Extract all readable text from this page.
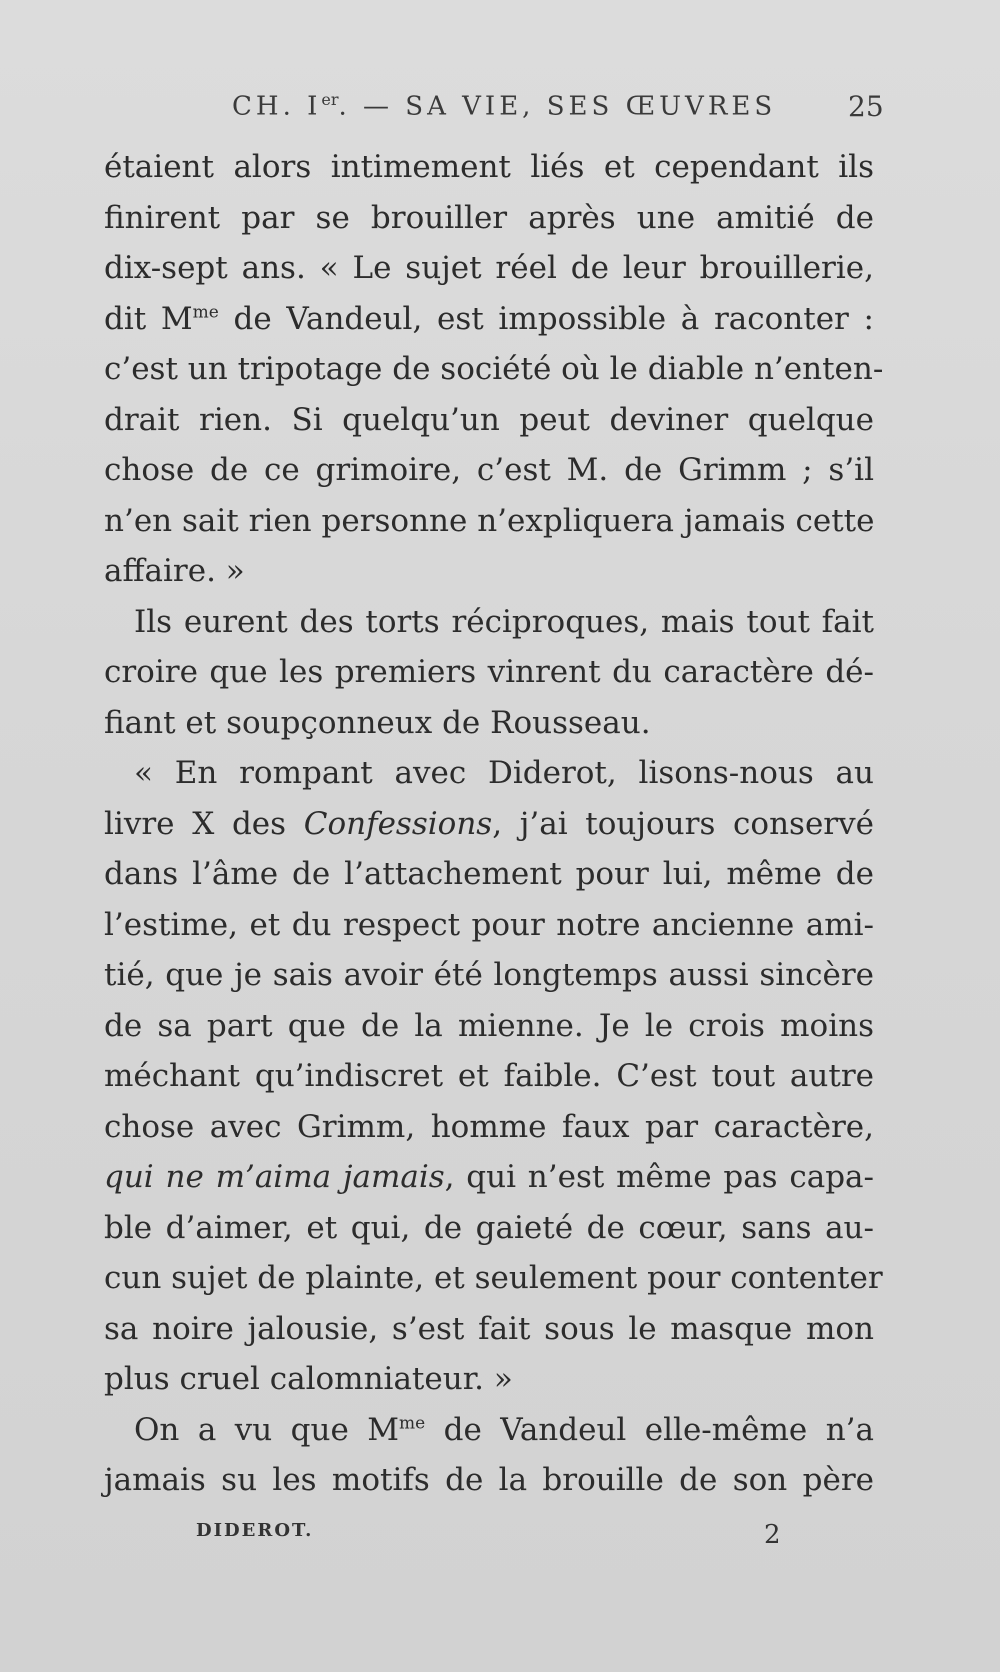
CH. Ier. — SA VIE, SES ŒUVRES	25
étaient alors intimement liés et cependant ils
finirent par se brouiller après une amitié de
dix-sept ans. « Le sujet réel de leur brouillerie,
dit $M^{me}$ de Vandeul, est impossible à raconter :
c’est un tripotage de société où le diable n’enten-
drait rien. Si quelqu’un peut deviner quelque
chose de ce grimoire, c’est M. de Grimm ; s’il
n’en sait rien personne n’expliquera jamais cette
affaire. »
Ils eurent des torts réciproques, mais tout fait
croire que les premiers vinrent du caractère dé-
fiant et soupçonneux de Rousseau.
« En rompant avec Diderot, lisons-nous au
livre X des Confessions, j’ai toujours conservé
dans l’âme de l’attachement pour lui, même de
l’estime, et du respect pour notre ancienne ami-
tié, que je sais avoir été longtemps aussi sincère
de sa part que de la mienne. Je le crois moins
méchant qu’indiscret et faible. C’est tout autre
chose avec Grimm, homme faux par caractère,
qui ne m’aima jamais, qui n’est même pas capa-
ble d’aimer, et qui, de gaieté de cœur, sans au-
cun sujet de plainte, et seulement pour contenter
sa noire jalousie, s’est fait sous le masque mon
plus cruel calomniateur. »
On a vu que $M^{me}$ de Vandeul elle-même n’a
jamais su les motifs de la brouille de son père
DIDEROT.	2
